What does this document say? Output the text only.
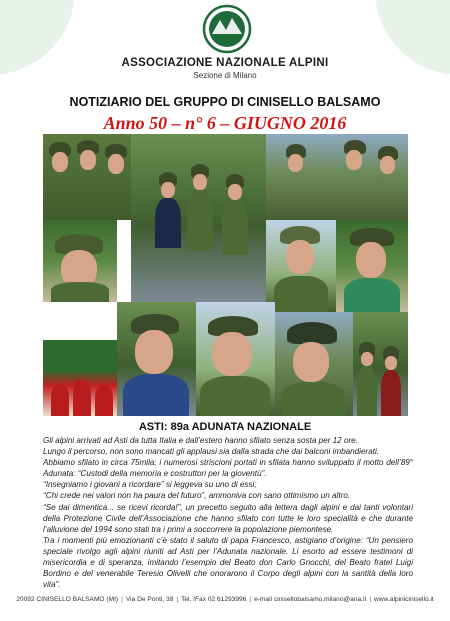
ASSOCIAZIONE NAZIONALE ALPINI
Sezione di Milano
NOTIZIARIO DEL GRUPPO DI CINISELLO BALSAMO
Anno 50 – n° 6 – GIUGNO 2016
ASTI: 89a ADUNATA NAZIONALE

Gli alpini arrivati ad Asti da tutta Italia e dall’estero hanno sfilato senza sosta per 12 ore.

Lungo il percorso, non sono mancati gli applausi sia dalla strada che dai balconi imbandierati.

Abbiamo sfilato in circa 75mila; i numerosi striscioni portati in sfilata hanno sviluppato il motto dell’89° Adunata: “Custodi della memoria e costruttori per la gioventù”.

“Insegniamo i giovani a ricordare” si leggeva su uno di essi;

“Chi crede nei valori non ha paura del futuro”, ammoniva con sano ottimismo un altro.

“Se dai dimentica... se ricevi ricorda!”, un precetto seguito alla lettera dagli alpini e dai tanti volontari della Protezione Civile dell’Associazione che hanno sfilato con tutte le loro specialità e che durante l’alluvione del 1994 sono stati tra i primi a soccorrere la popolazione piemontese.

Tra i momenti più emozionanti c’è stato il saluto di papa Francesco, astigiano d’origine: “Un pensiero speciale rivolgo agli alpini riuniti ad Asti per l’Adunata nazionale. Li esorto ad essere testimoni di misericordia e di speranza, imitando l’esempio del Beato don Carlo Gnocchi, del Beato fratel Luigi Bordino e del venerabile Teresio Olivelli che onorarono il Corpo degli alpini con la santità della loro vita”.

20092 CINISELLO BALSAMO (MI) | Via De Ponti, 38 | Tel. /Fax 02 61293996 | e-mail cinisellobalsamo.milano@ana.it | www.alpinicinisello.it
